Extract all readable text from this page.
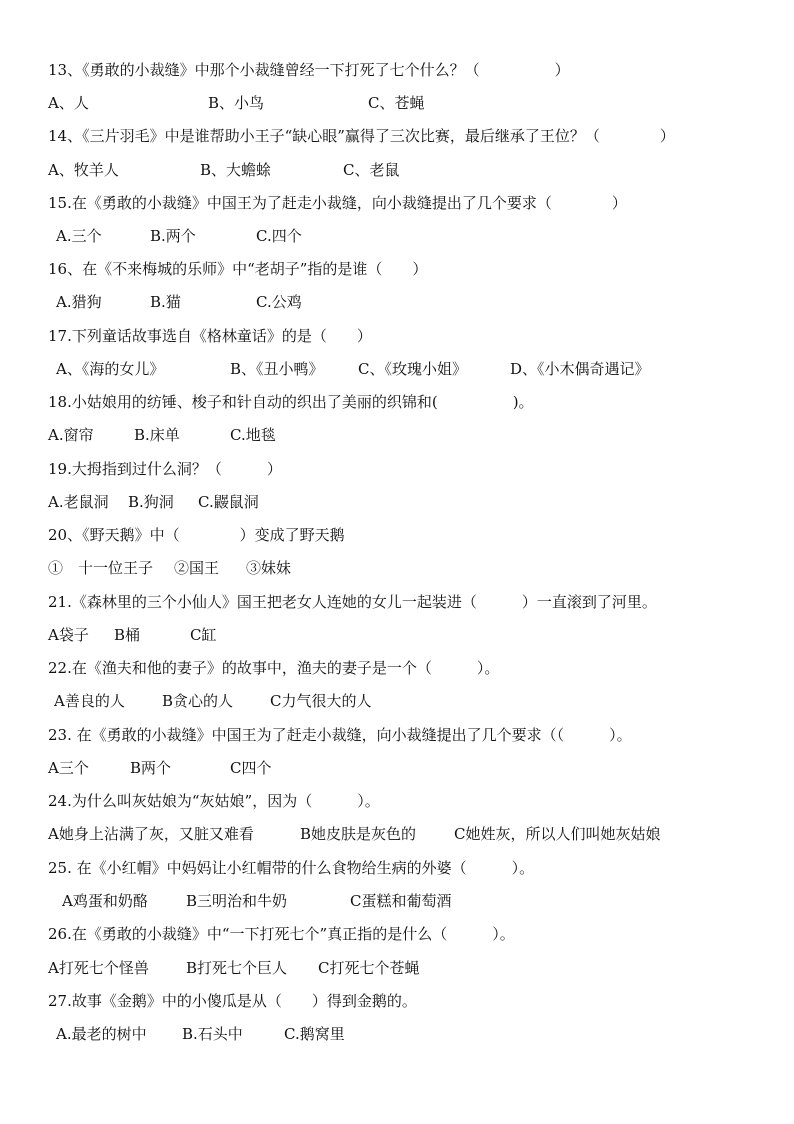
13、《勇敢的小裁缝》中那个小裁缝曾经一下打死了七个什么？（　　　　　）

A、人

	B、小鸟

	C、苍蝇

14、《三片羽毛》中是谁帮助小王子“缺心眼”赢得了三次比赛，最后继承了王位？（　　　　）

A、牧羊人

	B、大蟾蜍

	C、老鼠

15.在《勇敢的小裁缝》中国王为了赶走小裁缝，向小裁缝提出了几个要求（　　　　）

A.三个

	B.两个

	C.四个

16、在《不来梅城的乐师》中“老胡子”指的是谁（　　）

A.猎狗

	B.猫

	C.公鸡

17.下列童话故事选自《格林童话》的是（　　）

A、《海的女儿》

	B、《丑小鸭》

C、《玫瑰小姐》

	D、《小木偶奇遇记》

18.小姑娘用的纺锤、梭子和针自动的织出了美丽的织锦和(　　　　　)。

A.窗帘

	B.床单

	C.地毯

19.大拇指到过什么洞？（　　　）

A.老鼠洞

B.狗洞

C.鼹鼠洞

20、《野天鹅》中（　　　　）变成了野天鹅

①　十一位王子

②国王

③妹妹

21.《森林里的三个小仙人》国王把老女人连她的女儿一起装进（　　　）一直滚到了河里。

A袋子

B桶

	C缸

22.在《渔夫和他的妻子》的故事中，渔夫的妻子是一个（　　　）。

A善良的人

B贪心的人

C力气很大的人

23. 在《勇敢的小裁缝》中国王为了赶走小裁缝，向小裁缝提出了几个要求（（　　　）。

A三个

	B两个

	C四个

24.为什么叫灰姑娘为“灰姑娘”，因为（　　　）。

A她身上沾满了灰，又脏又难看

	B她皮肤是灰色的

	C她姓灰，所以人们叫她灰姑娘

25. 在《小红帽》中妈妈让小红帽带的什么食物给生病的外婆（　　　）。

A鸡蛋和奶酪

	B三明治和牛奶

	C蛋糕和葡萄酒

26.在《勇敢的小裁缝》中“一下打死七个”真正指的是什么（　　　）。

A打死七个怪兽

B打死七个巨人

C打死七个苍蝇

27.故事《金鹅》中的小傻瓜是从（　　）得到金鹅的。

A.最老的树中

B.石头中

	C.鹅窝里
